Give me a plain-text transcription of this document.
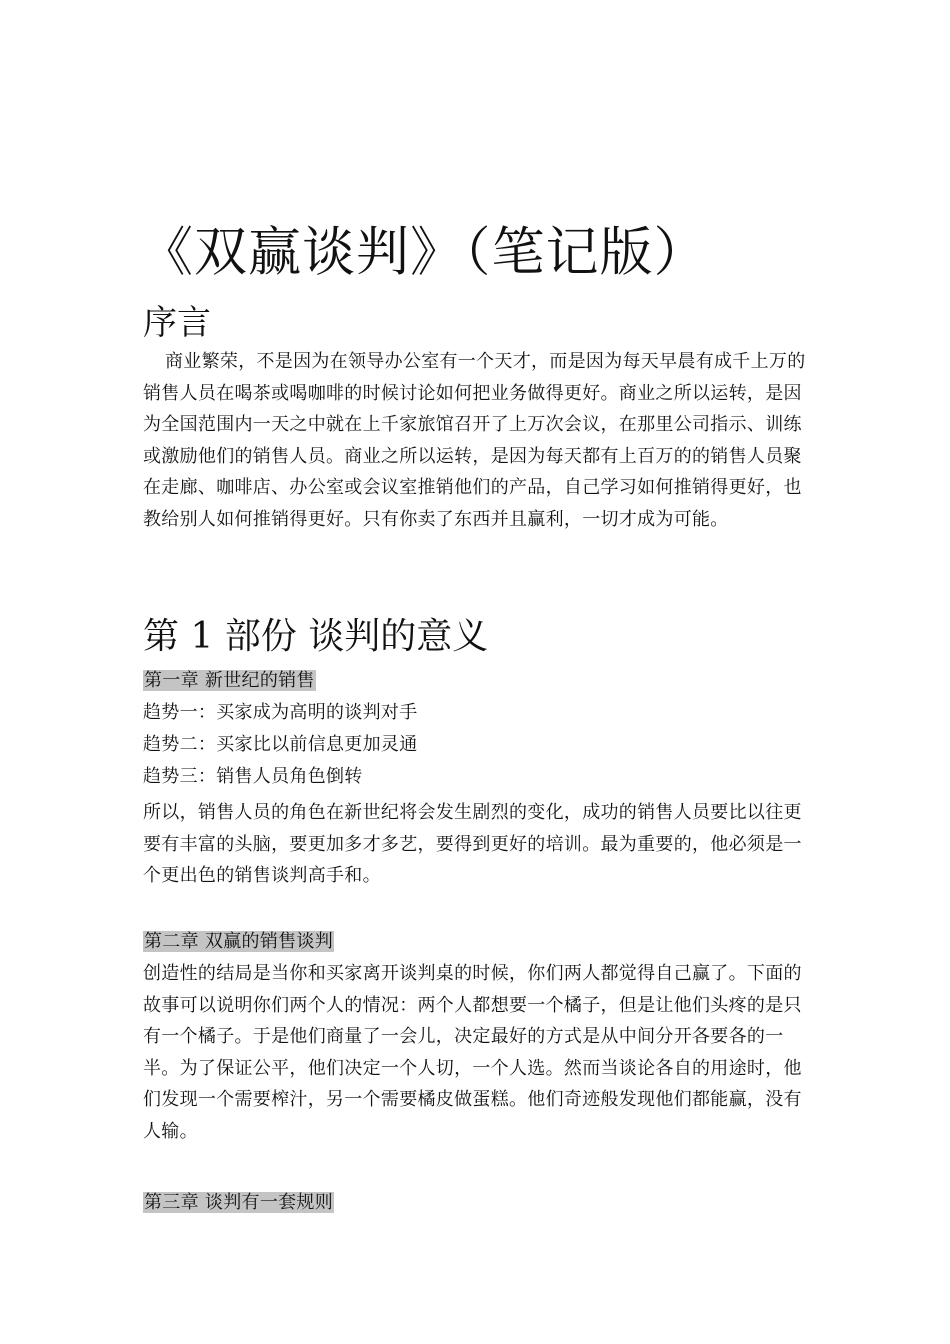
《双赢谈判》（笔记版）
序言

商业繁荣，不是因为在领导办公室有一个天才，而是因为每天早晨有成千上万的销售人员在喝茶或喝咖啡的时候讨论如何把业务做得更好。商业之所以运转，是因为全国范围内一天之中就在上千家旅馆召开了上万次会议，在那里公司指示、训练或激励他们的销售人员。商业之所以运转，是因为每天都有上百万的的销售人员聚在走廊、咖啡店、办公室或会议室推销他们的产品，自己学习如何推销得更好，也教给别人如何推销得更好。只有你卖了东西并且赢利，一切才成为可能。

第 1 部份 谈判的意义
第一章 新世纪的销售

趋势一：买家成为高明的谈判对手

趋势二：买家比以前信息更加灵通

趋势三：销售人员角色倒转

所以，销售人员的角色在新世纪将会发生剧烈的变化，成功的销售人员要比以往更要有丰富的头脑，要更加多才多艺，要得到更好的培训。最为重要的，他必须是一个更出色的销售谈判高手和。

第二章 双赢的销售谈判

创造性的结局是当你和买家离开谈判桌的时候，你们两人都觉得自己赢了。下面的故事可以说明你们两个人的情况：两个人都想要一个橘子，但是让他们头疼的是只有一个橘子。于是他们商量了一会儿，决定最好的方式是从中间分开各要各的一半。为了保证公平，他们决定一个人切，一个人选。然而当谈论各自的用途时，他们发现一个需要榨汁，另一个需要橘皮做蛋糕。他们奇迹般发现他们都能赢，没有人输。

第三章 谈判有一套规则
